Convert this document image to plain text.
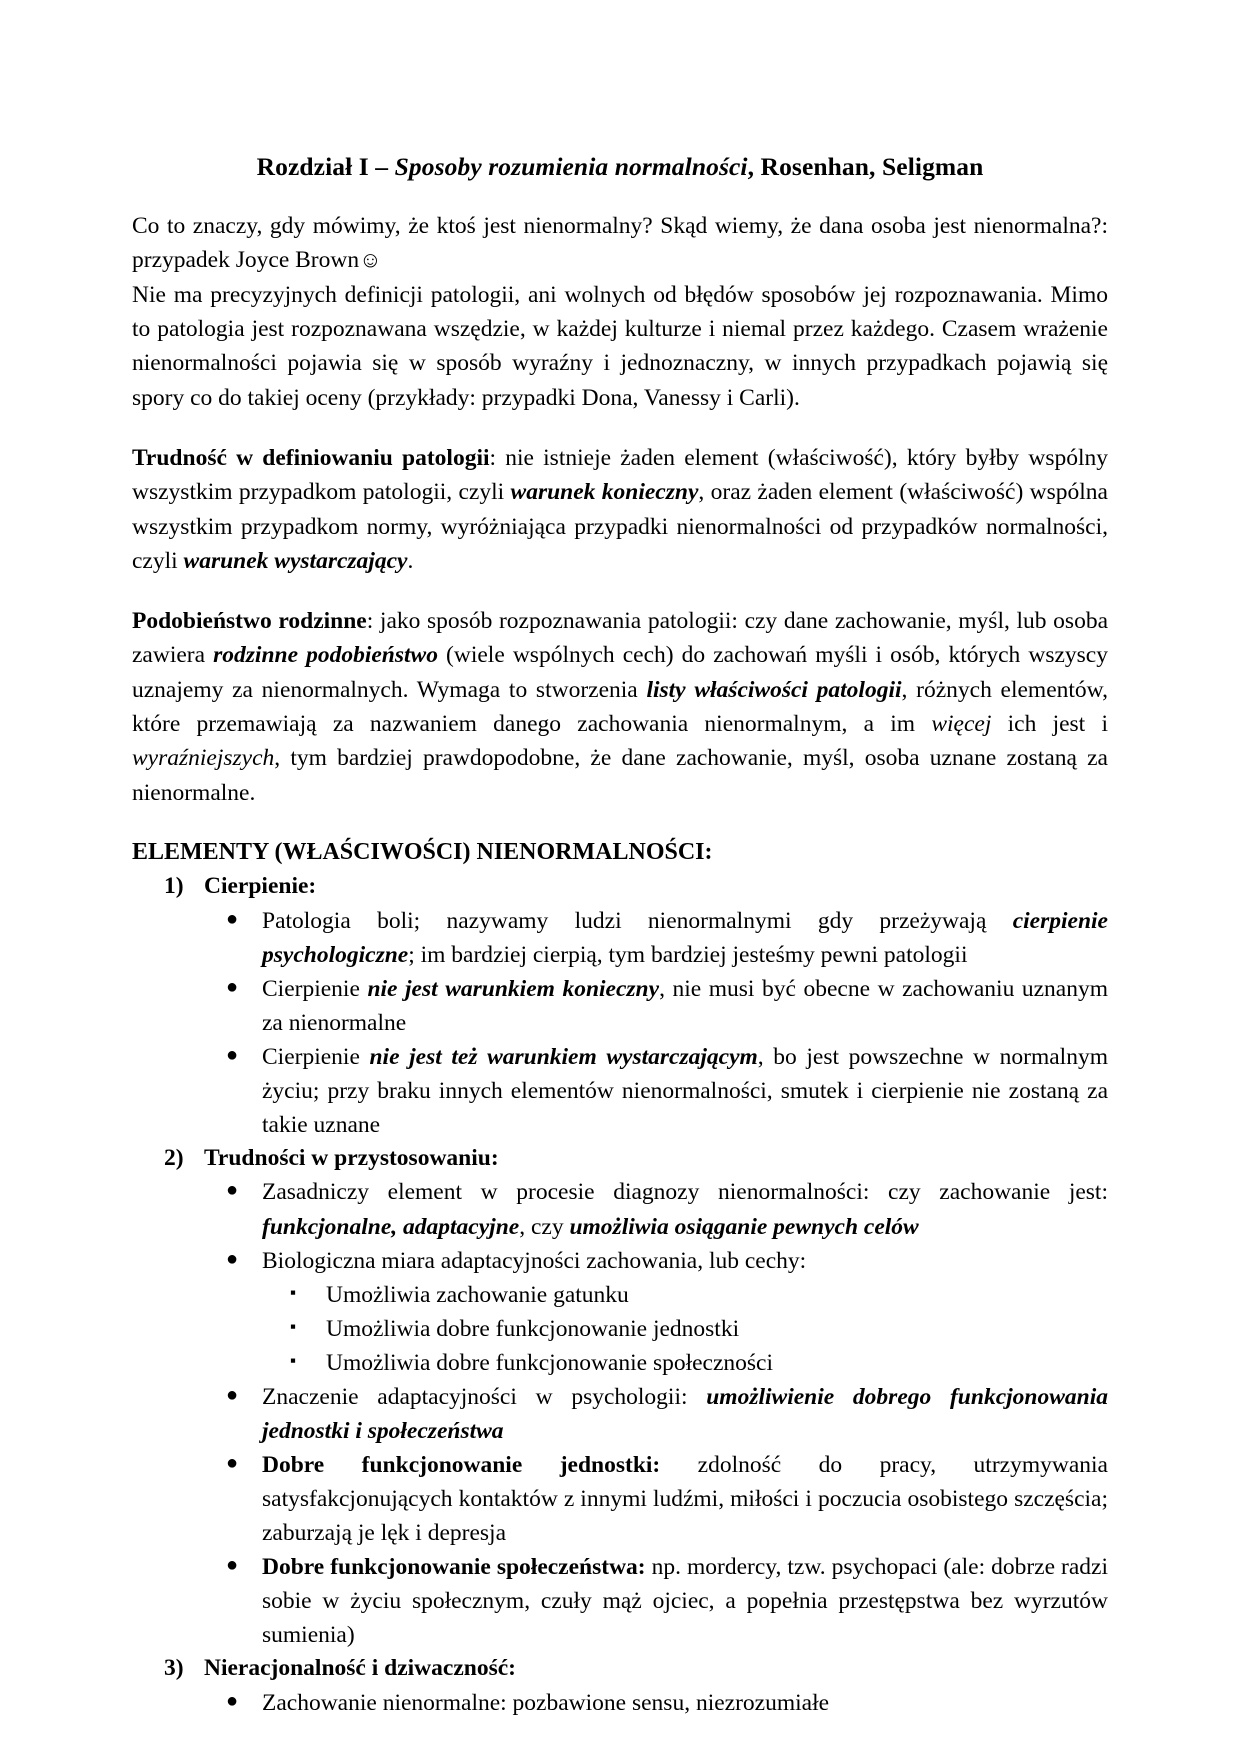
Rozdział I – Sposoby rozumienia normalności, Rosenhan, Seligman

Co to znaczy, gdy mówimy, że ktoś jest nienormalny? Skąd wiemy, że dana osoba jest nienormalna?: przypadek Joyce Brown☺

Nie ma precyzyjnych definicji patologii, ani wolnych od błędów sposobów jej rozpoznawania. Mimo to patologia jest rozpoznawana wszędzie, w każdej kulturze i niemal przez każdego. Czasem wrażenie nienormalności pojawia się w sposób wyraźny i jednoznaczny, w innych przypadkach pojawią się spory co do takiej oceny (przykłady: przypadki Dona, Vanessy i Carli).

Trudność w definiowaniu patologii: nie istnieje żaden element (właściwość), który byłby wspólny wszystkim przypadkom patologii, czyli warunek konieczny, oraz żaden element (właściwość) wspólna wszystkim przypadkom normy, wyróżniająca przypadki nienormalności od przypadków normalności, czyli warunek wystarczający.

Podobieństwo rodzinne: jako sposób rozpoznawania patologii: czy dane zachowanie, myśl, lub osoba zawiera rodzinne podobieństwo (wiele wspólnych cech) do zachowań myśli i osób, których wszyscy uznajemy za nienormalnych. Wymaga to stworzenia listy właściwości patologii, różnych elementów, które przemawiają za nazwaniem danego zachowania nienormalnym, a im więcej ich jest i wyraźniejszych, tym bardziej prawdopodobne, że dane zachowanie, myśl, osoba uznane zostaną za nienormalne.

ELEMENTY (WŁAŚCIWOŚCI) NIENORMALNOŚCI:
1) Cierpienie:
● Patologia boli; nazywamy ludzi nienormalnymi gdy przeżywają cierpienie psychologiczne; im bardziej cierpią, tym bardziej jesteśmy pewni patologii
● Cierpienie nie jest warunkiem konieczny, nie musi być obecne w zachowaniu uznanym za nienormalne
● Cierpienie nie jest też warunkiem wystarczającym, bo jest powszechne w normalnym życiu; przy braku innych elementów nienormalności, smutek i cierpienie nie zostaną za takie uznane
2) Trudności w przystosowaniu:
● Zasadniczy element w procesie diagnozy nienormalności: czy zachowanie jest: funkcjonalne, adaptacyjne, czy umożliwia osiąganie pewnych celów
● Biologiczna miara adaptacyjności zachowania, lub cechy:
▪ Umożliwia zachowanie gatunku
▪ Umożliwia dobre funkcjonowanie jednostki
▪ Umożliwia dobre funkcjonowanie społeczności
● Znaczenie adaptacyjności w psychologii: umożliwienie dobrego funkcjonowania jednostki i społeczeństwa
● Dobre funkcjonowanie jednostki: zdolność do pracy, utrzymywania satysfakcjonujących kontaktów z innymi ludźmi, miłości i poczucia osobistego szczęścia; zaburzają je lęk i depresja
● Dobre funkcjonowanie społeczeństwa: np. mordercy, tzw. psychopaci (ale: dobrze radzi sobie w życiu społecznym, czuły mąż ojciec, a popełnia przestępstwa bez wyrzutów sumienia)
3) Nieracjonalność i dziwaczność:
● Zachowanie nienormalne: pozbawione sensu, niezrozumiałe
